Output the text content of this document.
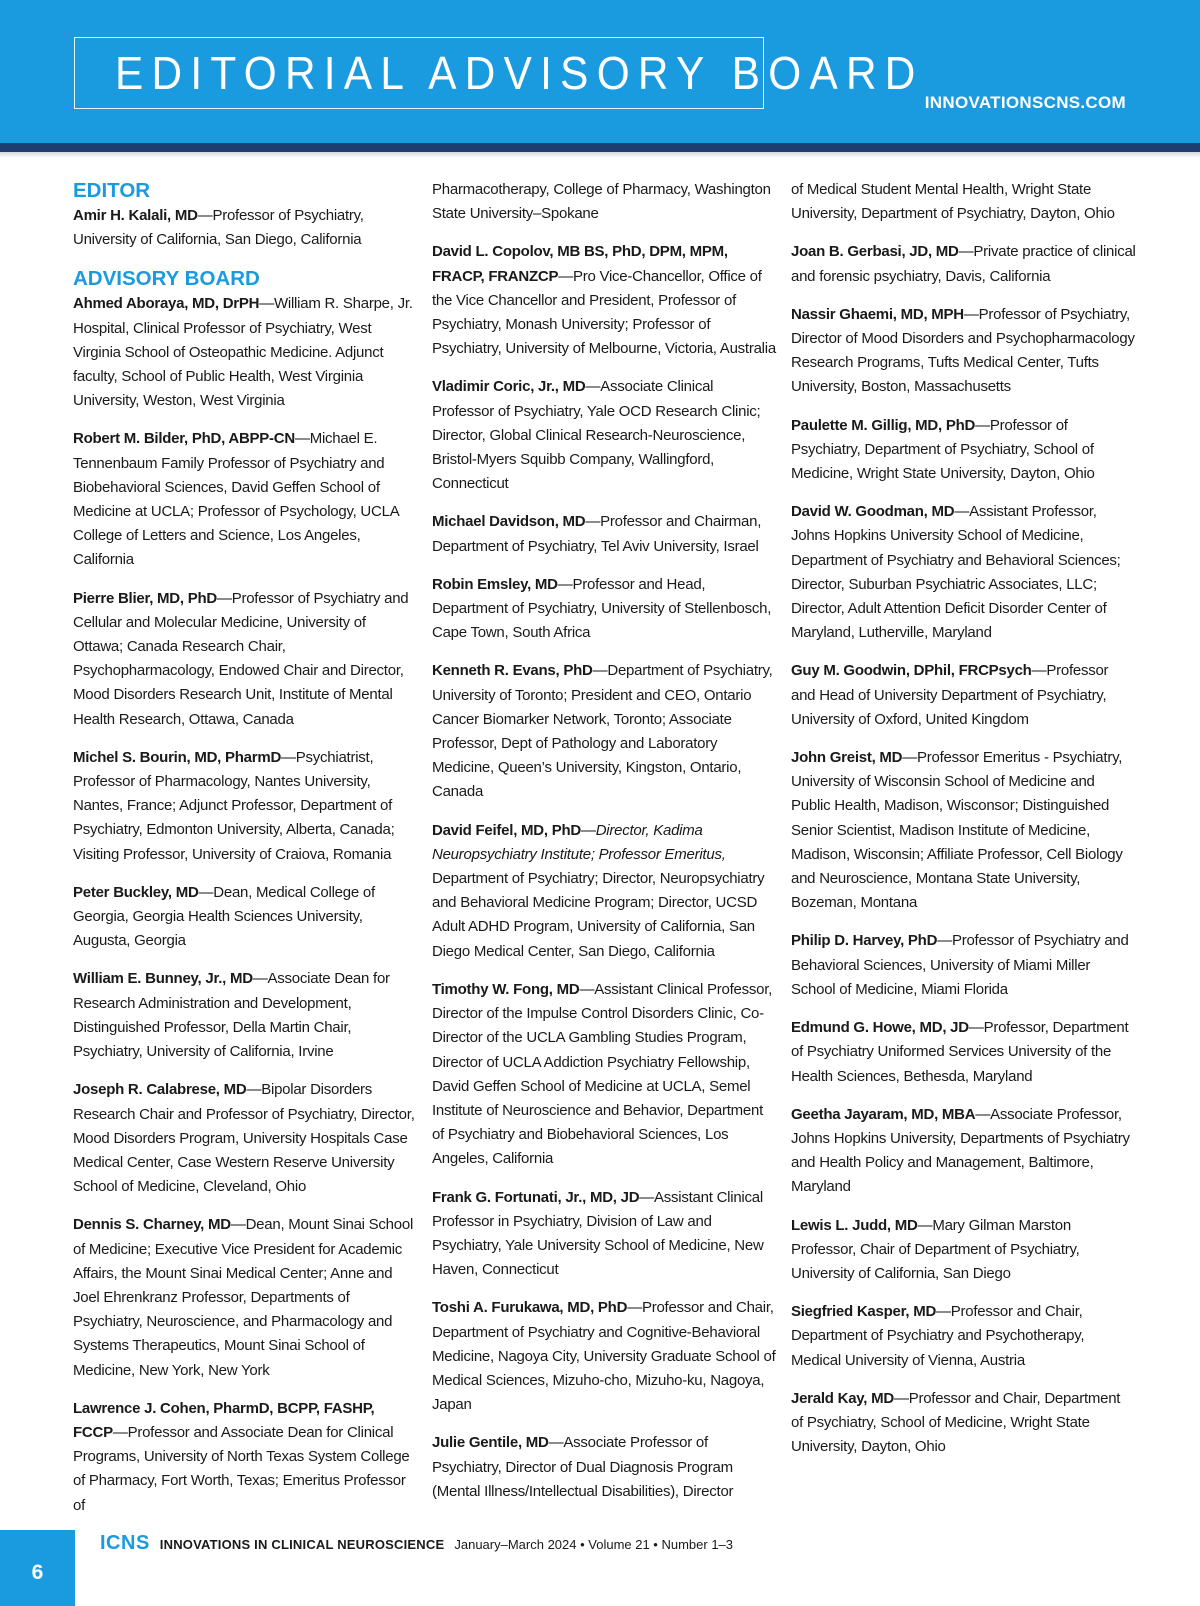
EDITORIAL ADVISORY BOARD
INNOVATIONSCNS.COM
EDITOR
Amir H. Kalali, MD—Professor of Psychiatry, University of California, San Diego, California
ADVISORY BOARD
Ahmed Aboraya, MD, DrPH—William R. Sharpe, Jr. Hospital, Clinical Professor of Psychiatry, West Virginia School of Osteopathic Medicine. Adjunct faculty, School of Public Health, West Virginia University, Weston, West Virginia
Robert M. Bilder, PhD, ABPP-CN—Michael E. Tennenbaum Family Professor of Psychiatry and Biobehavioral Sciences, David Geffen School of Medicine at UCLA; Professor of Psychology, UCLA College of Letters and Science, Los Angeles, California
Pierre Blier, MD, PhD—Professor of Psychiatry and Cellular and Molecular Medicine, University of Ottawa; Canada Research Chair, Psychopharmacology, Endowed Chair and Director, Mood Disorders Research Unit, Institute of Mental Health Research, Ottawa, Canada
Michel S. Bourin, MD, PharmD—Psychiatrist, Professor of Pharmacology, Nantes University, Nantes, France; Adjunct Professor, Department of Psychiatry, Edmonton University, Alberta, Canada; Visiting Professor, University of Craiova, Romania
Peter Buckley, MD—Dean, Medical College of Georgia, Georgia Health Sciences University, Augusta, Georgia
William E. Bunney, Jr., MD—Associate Dean for Research Administration and Development, Distinguished Professor, Della Martin Chair, Psychiatry, University of California, Irvine
Joseph R. Calabrese, MD—Bipolar Disorders Research Chair and Professor of Psychiatry, Director, Mood Disorders Program, University Hospitals Case Medical Center, Case Western Reserve University School of Medicine, Cleveland, Ohio
Dennis S. Charney, MD—Dean, Mount Sinai School of Medicine; Executive Vice President for Academic Affairs, the Mount Sinai Medical Center; Anne and Joel Ehrenkranz Professor, Departments of Psychiatry, Neuroscience, and Pharmacology and Systems Therapeutics, Mount Sinai School of Medicine, New York, New York
Lawrence J. Cohen, PharmD, BCPP, FASHP, FCCP—Professor and Associate Dean for Clinical Programs, University of North Texas System College of Pharmacy, Fort Worth, Texas; Emeritus Professor of
Pharmacotherapy, College of Pharmacy, Washington State University–Spokane
David L. Copolov, MB BS, PhD, DPM, MPM, FRACP, FRANZCP—Pro Vice-Chancellor, Office of the Vice Chancellor and President, Professor of Psychiatry, Monash University; Professor of Psychiatry, University of Melbourne, Victoria, Australia
Vladimir Coric, Jr., MD—Associate Clinical Professor of Psychiatry, Yale OCD Research Clinic; Director, Global Clinical Research-Neuroscience, Bristol-Myers Squibb Company, Wallingford, Connecticut
Michael Davidson, MD—Professor and Chairman, Department of Psychiatry, Tel Aviv University, Israel
Robin Emsley, MD—Professor and Head, Department of Psychiatry, University of Stellenbosch, Cape Town, South Africa
Kenneth R. Evans, PhD—Department of Psychiatry, University of Toronto; President and CEO, Ontario Cancer Biomarker Network, Toronto; Associate Professor, Dept of Pathology and Laboratory Medicine, Queen’s University, Kingston, Ontario, Canada
David Feifel, MD, PhD—Director, Kadima Neuropsychiatry Institute; Professor Emeritus, Department of Psychiatry; Director, Neuropsychiatry and Behavioral Medicine Program; Director, UCSD Adult ADHD Program, University of California, San Diego Medical Center, San Diego, California
Timothy W. Fong, MD—Assistant Clinical Professor, Director of the Impulse Control Disorders Clinic, Co-Director of the UCLA Gambling Studies Program, Director of UCLA Addiction Psychiatry Fellowship, David Geffen School of Medicine at UCLA, Semel Institute of Neuroscience and Behavior, Department of Psychiatry and Biobehavioral Sciences, Los Angeles, California
Frank G. Fortunati, Jr., MD, JD—Assistant Clinical Professor in Psychiatry, Division of Law and Psychiatry, Yale University School of Medicine, New Haven, Connecticut
Toshi A. Furukawa, MD, PhD—Professor and Chair, Department of Psychiatry and Cognitive-Behavioral Medicine, Nagoya City, University Graduate School of Medical Sciences, Mizuho-cho, Mizuho-ku, Nagoya, Japan
Julie Gentile, MD—Associate Professor of Psychiatry, Director of Dual Diagnosis Program (Mental Illness/Intellectual Disabilities), Director
of Medical Student Mental Health, Wright State University, Department of Psychiatry, Dayton, Ohio
Joan B. Gerbasi, JD, MD—Private practice of clinical and forensic psychiatry, Davis, California
Nassir Ghaemi, MD, MPH—Professor of Psychiatry, Director of Mood Disorders and Psychopharmacology Research Programs, Tufts Medical Center, Tufts University, Boston, Massachusetts
Paulette M. Gillig, MD, PhD—Professor of Psychiatry, Department of Psychiatry, School of Medicine, Wright State University, Dayton, Ohio
David W. Goodman, MD—Assistant Professor, Johns Hopkins University School of Medicine, Department of Psychiatry and Behavioral Sciences; Director, Suburban Psychiatric Associates, LLC; Director, Adult Attention Deficit Disorder Center of Maryland, Lutherville, Maryland
Guy M. Goodwin, DPhil, FRCPsych—Professor and Head of University Department of Psychiatry, University of Oxford, United Kingdom
John Greist, MD—Professor Emeritus - Psychiatry, University of Wisconsin School of Medicine and Public Health, Madison, Wisconsor; Distinguished Senior Scientist, Madison Institute of Medicine, Madison, Wisconsin; Affiliate Professor, Cell Biology and Neuroscience, Montana State University, Bozeman, Montana
Philip D. Harvey, PhD—Professor of Psychiatry and Behavioral Sciences, University of Miami Miller School of Medicine, Miami Florida
Edmund G. Howe, MD, JD—Professor, Department of Psychiatry Uniformed Services University of the Health Sciences, Bethesda, Maryland
Geetha Jayaram, MD, MBA—Associate Professor, Johns Hopkins University, Departments of Psychiatry and Health Policy and Management, Baltimore, Maryland
Lewis L. Judd, MD—Mary Gilman Marston Professor, Chair of Department of Psychiatry, University of California, San Diego
Siegfried Kasper, MD—Professor and Chair, Department of Psychiatry and Psychotherapy, Medical University of Vienna, Austria
Jerald Kay, MD—Professor and Chair, Department of Psychiatry, School of Medicine, Wright State University, Dayton, Ohio
6
ICNS INNOVATIONS IN CLINICAL NEUROSCIENCE January–March 2024 • Volume 21 • Number 1–3
